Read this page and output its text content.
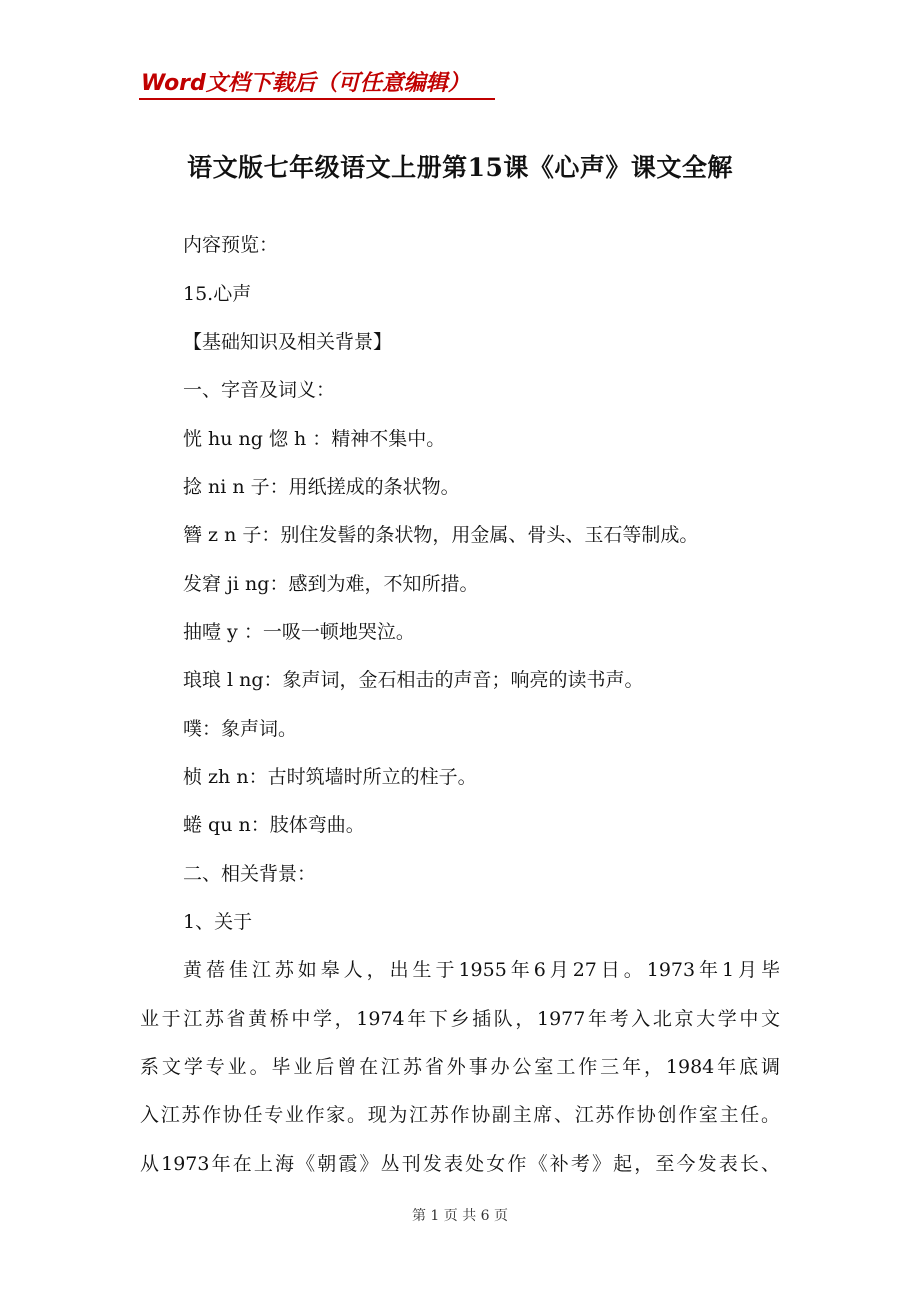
Word文档下载后（可任意编辑）
语文版七年级语文上册第15课《心声》课文全解
内容预览：
15.心声
【基础知识及相关背景】
一、字音及词义：
恍 hu ng 惚 h ：精神不集中。
捻 ni n 子：用纸搓成的条状物。
簪 z n 子：别住发髻的条状物，用金属、骨头、玉石等制成。
发窘 ji ng：感到为难，不知所措。
抽噎 y ：一吸一顿地哭泣。
琅琅 l ng：象声词，金石相击的声音；响亮的读书声。
噗：象声词。
桢 zh n：古时筑墙时所立的柱子。
蜷 qu n：肢体弯曲。
二、相关背景：
1、关于
黄蓓佳江苏如皋人，出生于1955年6月27日。1973年1月毕
业于江苏省黄桥中学，1974年下乡插队，1977年考入北京大学中文
系文学专业。毕业后曾在江苏省外事办公室工作三年，1984年底调
入江苏作协任专业作家。现为江苏作协副主席、江苏作协创作室主任。
从1973年在上海《朝霞》丛刊发表处女作《补考》起，至今发表长、
第 1 页 共 6 页
